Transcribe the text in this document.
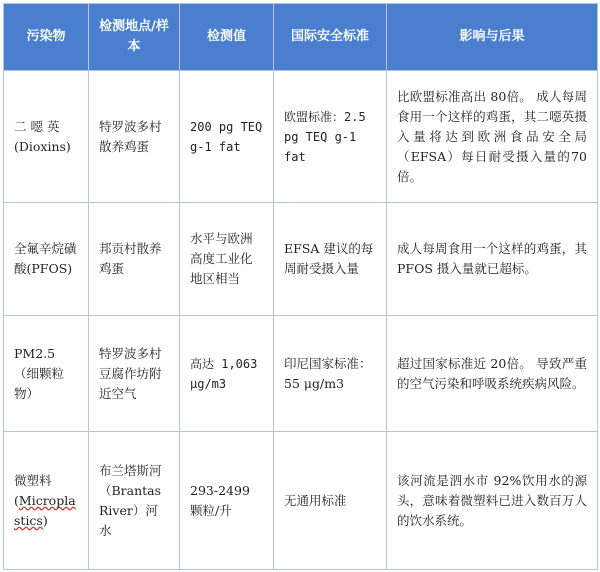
污染物	检测地点/样本	检测值	国际安全标准	影响与后果
二 噁 英(Dioxins)	特罗波多村散养鸡蛋	200 pg TEQ g-1 fat	欧盟标准：2.5 pg TEQ g-1 fat	比欧盟标准高出 80倍。 成人每周食用一个这样的鸡蛋，其二噁英摄入量将达到欧洲食品安全局（EFSA）每日耐受摄入量的70倍。
全氟辛烷磺 酸(PFOS)	邦贡村散养鸡蛋	水平与欧洲高度工业化地区相当	EFSA 建议的每周耐受摄入量	成人每周食用一个这样的鸡蛋，其 PFOS 摄入量就已超标。
PM2.5 （细颗粒物）	特罗波多村豆腐作坊附近空气	高达 1,063 μg/m3	印尼国家标准：55 μg/m3	超过国家标准近 20倍。 导致严重的空气污染和呼吸系统疾病风险。
微塑料(Microplastics)	布兰塔斯河（Brantas River）河水	293-2499 颗粒/升	无通用标准	该河流是泗水市 92%饮用水的源头，意味着微塑料已进入数百万人的饮水系统。
